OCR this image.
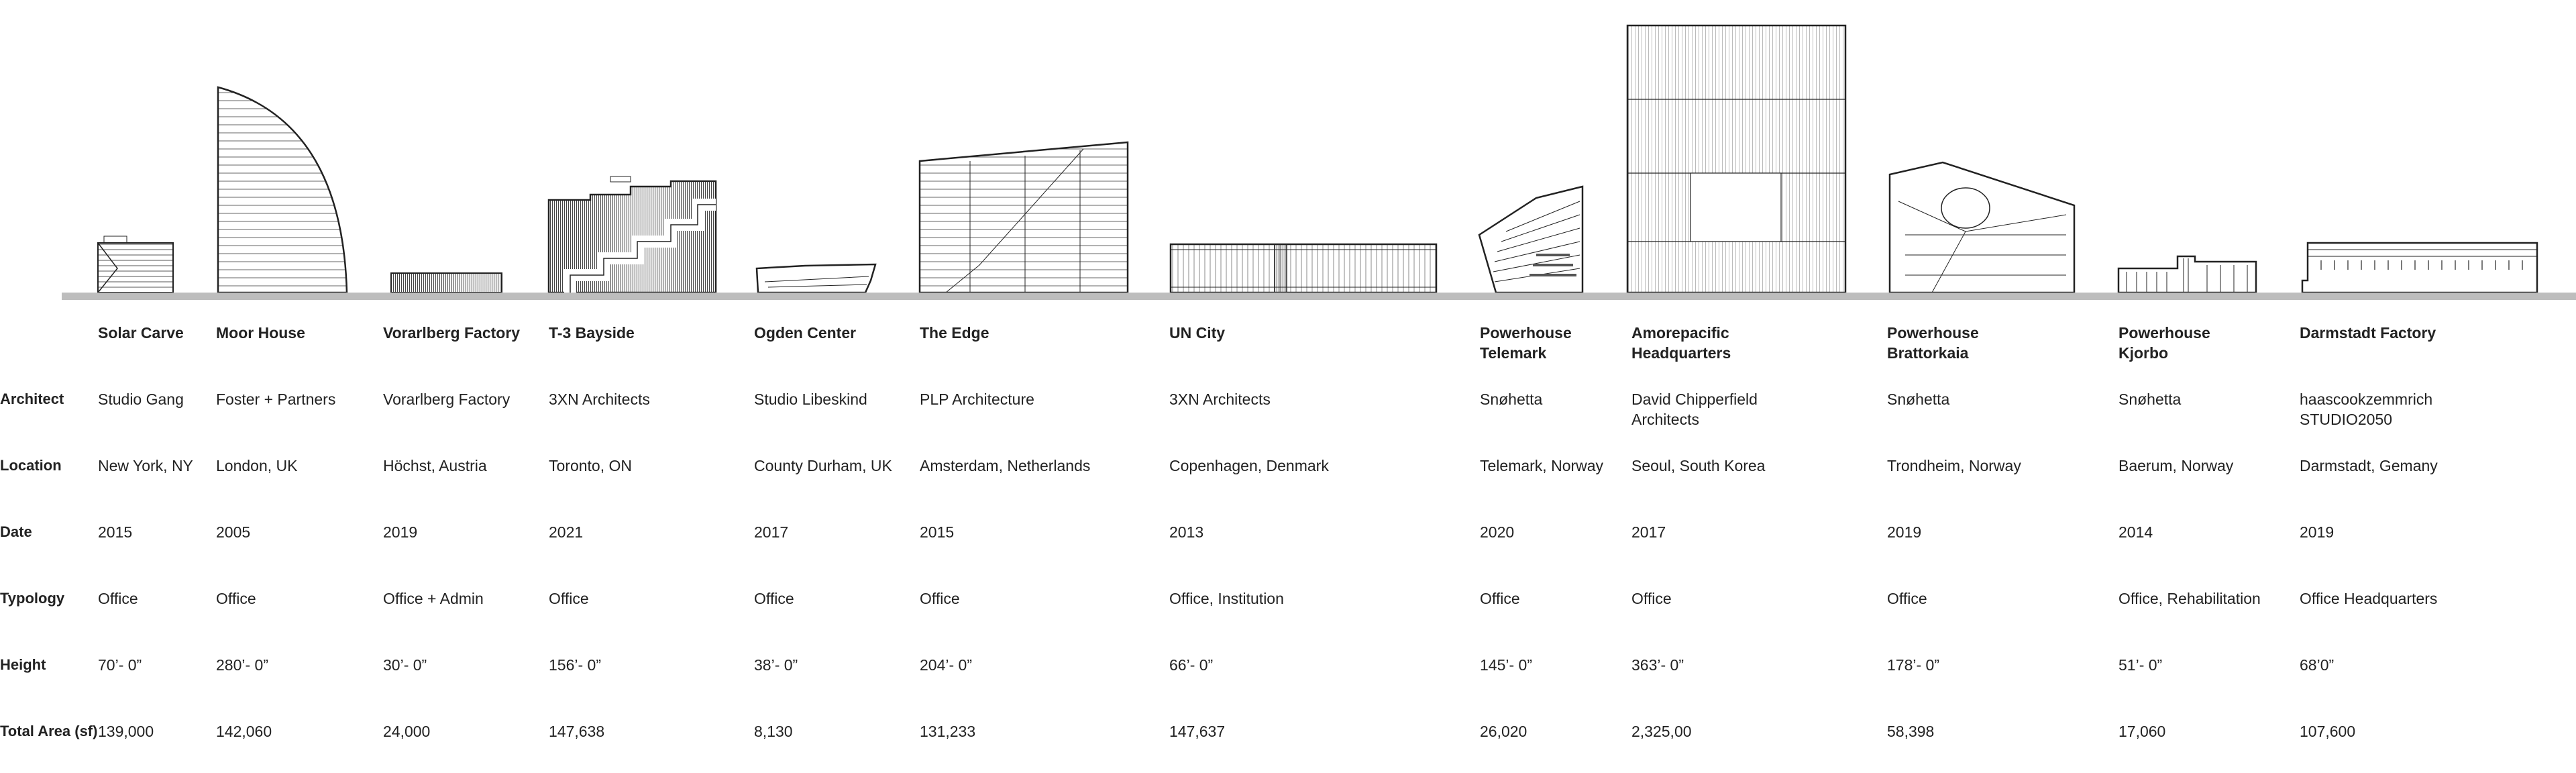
Architect
Location
Date
Typology
Height
Total Area (sf)
Solar Carve
Studio Gang
New York, NY
2015
Office
70’- 0”
139,000
Moor House
Foster + Partners
London, UK
2005
Office
280’- 0”
142,060
Vorarlberg Factory
Vorarlberg Factory
Höchst, Austria
2019
Office + Admin
30’- 0”
24,000
T-3 Bayside
3XN Architects
Toronto, ON
2021
Office
156’- 0”
147,638
Ogden Center
Studio Libeskind
County Durham, UK
2017
Office
38’- 0”
8,130
The Edge
PLP Architecture
Amsterdam, Netherlands
2015
Office
204’- 0”
131,233
UN City
3XN Architects
Copenhagen, Denmark
2013
Office, Institution
66’- 0”
147,637
Powerhouse
Telemark
Snøhetta
Telemark, Norway
2020
Office
145’- 0”
26,020
Amorepacific
Headquarters
David Chipperfield
Architects
Seoul, South Korea
2017
Office
363’- 0”
2,325,00
Powerhouse
Brattorkaia
Snøhetta
Trondheim, Norway
2019
Office
178’- 0”
58,398
Powerhouse
Kjorbo
Snøhetta
Baerum, Norway
2014
Office, Rehabilitation
51’- 0”
17,060
Darmstadt Factory
haascookzemmrich
STUDIO2050
Darmstadt, Gemany
2019
Office Headquarters
68’0”
107,600
